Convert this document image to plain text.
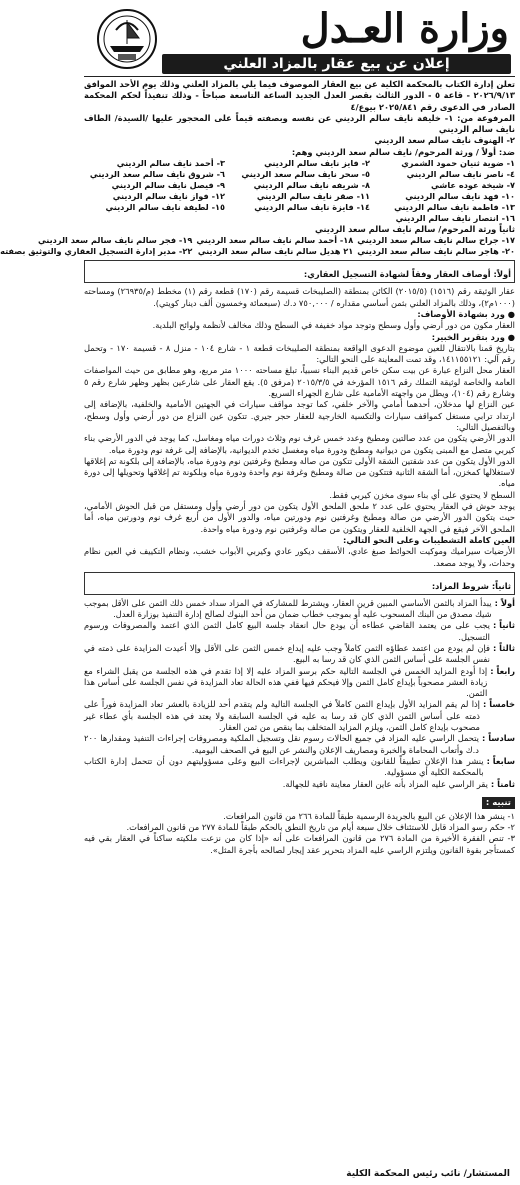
وزارة العـدل
إعلان عن بيع عقار بالمزاد العلني
تعلن إدارة الكتاب بالمحكمة الكلية عن بيع العقار الموصوف فيما يلي بالمزاد العلني وذلك يوم الأحد الموافق ٢٠٢٦/٩/١٣ - قاعة ٥ - الدور الثالث بقصر العدل الجديد الساعة التاسعة صباحاً - وذلك تنفيذاً لحكم المحكمة الصادر في الدعوى رقم ٢٠٢٥/٨٤١ بيوع/٤
المرفوعة من: ١- خليفة نايف سالم الرديني عن نفسه وبصفته قيماً على المحجور عليها /السيدة/ الطاف نايف سالم الرديني
٢- الهنوف نايف سالم سعد الرديني
ضد: أولاً / ورثة المرحوم/ نايف سالم سعد الرديني وهم:
١- ضوية ثنيان حمود الشمري
٢- فايز نايف سالم الرديني
٣- أحمد نايف سالم الرديني
٤- ناصر نايف سالم الرديني
٥- سحر نايف سالم سعد الرديني
٦- شروق نايف سالم سعد الرديني
٧- شيخة عوده عاشي
٨- شريفه نايف سالم الرديني
٩- فيصل نايف سالم الرديني
١٠- فهد نايف سالم الرديني
١١- صقر نايف سالم الرديني
١٢- فواز نايف سالم الرديني
١٣- فاطمة نايف سالم الرديني
١٤- فايزة نايف سالم الرديني
١٥- لطيفة نايف سالم الرديني
١٦- انتصار نايف سالم الرديني
ثانياً ورثة المرحوم/ سالم نايف سالم سعد الرديني
١٧- جراح سالم نايف سالم سعد الرديني
١٨- أحمد سالم نايف سالم سعد الرديني
١٩- فجر سالم نايف سالم سعد الرديني
٢٠- هاجر سالم نايف سالم سعد الرديني
٢١ هديل سالم نايف سالم سعد الرديني
٢٢- مدير إدارة التسجيل العقاري والتوثيق بصفته
أولاً: أوصاف العقار وفقاً لشهادة التسجيل العقاري:
عقار الوثيقة رقم (١٥١٦) (٢٠١٥/٥) الكائن بمنطقة (الصليبخات قسيمة رقم (١٧٠) قطعة رقم (١) مخطط (م/٢٦٩٣٥) ومساحته (١٠٠٠م٢)، وذلك بالمزاد العلني بثمن أساسي مقداره / ٧٥٠,٠٠٠ د.ك (سبعمائة وخمسون ألف دينار كويتي).
● ورد بشهادة الأوصاف:
العقار مكون من دور أرضي وأول وسطح وتوجد مواد خفيفة في السطح وذلك مخالف لأنظمة ولوائح البلدية.
● ورد بتقرير الخبير:
بتاريخ قمنا بالانتقال للعين موضوع الدعوى الواقعة بمنطقة الصليبخات قطعة ١ - شارع ١٠٤ - منزل ٨ - قسيمة ١٧٠ - وتحمل رقم آلي: ١٤١١٥٥١٢١، وقد تمت المعاينة على النحو التالي:
العقار محل النزاع عبارة عن بيت سكن خاص قديم البناء نسبياً، تبلغ مساحته ١٠٠٠ متر مربع، وهو مطابق من حيث المواصفات العامة والخاصة لوثيقة التملك رقم ١٥١٦ المؤرخة في ٢٠١٥/٣/٥ (مرفق ٥). يقع العقار على شارعين بظهر وظهر شارع رقم ٥ وشارع رقم (١٠٤)، ويطل من واجهته الأمامية على شارع الجهراء السريع.
عين النزاع لها مدخلان، أحدهما أمامي والآخر خلفي، كما توجد مواقف سيارات في الجهتين الأمامية والخلفية، بالإضافة إلى ارتداد ترابي مستغل كمواقف سيارات والتكسية الخارجية للعقار حجر جيري. تتكون عين النزاع من دور أرضي وأول وسطح، وبالتفصيل التالي:
الدور الأرضي يتكون من عدد صالتين ومطبخ وعدد خمس غرف نوم وثلاث دورات مياه ومغاسل، كما يوجد في الدور الأرضي بناء كيربي متصل مع المبنى يتكون من ديوانية ومطبخ ودورة مياه ومغسل تخدم الديوانية، بالإضافة إلى غرفة نوم ودورة مياه.
الدور الأول يتكون من عدد شقتين الشقة الأولى تتكون من صالة ومطبخ وغرفتين نوم ودورة مياه، بالإضافة إلى بلكونة تم إغلاقها لاستغلالها كمخزن، أما الشقة الثانية فتتكون من صالة ومطبخ وغرفة نوم واحدة ودورة مياه وبلكونة تم إغلاقها وتحويلها إلى دورة مياه.
السطح لا يحتوي على أي بناء سوى مخزن كيربي فقط.
يوجد حوش في العقار يحتوي على عدد ٢ ملحق الملحق الأول يتكون من دور أرضي وأول ومستقل من قبل الحوش الأمامي، حيث يتكون الدور الأرضي من صالة ومطبخ وغرفتين نوم ودورتين مياه، والدور الأول من أربع غرف نوم ودورتين مياه، أما الملحق الآخر فيقع في الجهة الخلفية للعقار ويتكون من صالة وغرفتين نوم ودورة مياه واحدة.
العين كاملة التشطيبات وعلى النحو التالي:
الأرضيات سيراميك وموكيت الحوائط صبغ عادي، الأسقف ديكور عادي وكيربي الأبواب خشب، ونظام التكييف في العين نظام وحدات، ولا يوجد مصعد.
ثانياً: شروط المزاد:
أولاً :
يبدأ المزاد بالثمن الأساسي المبين قرين العقار، ويشترط للمشاركة في المزاد سداد خمس ذلك الثمن على الأقل بموجب شيك مصدق من البنك المسحوب عليه أو بموجب خطاب ضمان من أحد البنوك لصالح إدارة التنفيذ بوزارة العدل.
ثانياً :
يجب على من يعتمد القاضي عطاءه أن يودع حال انعقاد جلسة البيع كامل الثمن الذي اعتمد والمصروفات ورسوم التسجيل.
ثالثاً :
فإن لم يودع من اعتمد عطاؤه الثمن كاملاً وجب عليه إيداع خمس الثمن على الأقل وإلا أعيدت المزايدة على ذمته في نفس الجلسة على أساس الثمن الذي كان قد رسا به البيع.
رابعاً :
إذا أودع المزايد الخمس في الجلسة التالية حكم برسو المزاد عليه إلا إذا تقدم في هذه الجلسة من يقبل الشراء مع زيادة العشر مصحوباً بإيداع كامل الثمن وإلا فيحكم فيها ففي هذه الحالة تعاد المزايدة في نفس الجلسة على أساس هذا الثمن.
خامساً :
إذا لم يقم المزايد الأول بإيداع الثمن كاملاً في الجلسة التالية ولم يتقدم أحد للزيادة بالعشر تعاد المزايدة فوراً على ذمته على أساس الثمن الذي كان قد رسا به عليه في الجلسة السابقة ولا يعتد في هذه الجلسة بأي عطاء غير مصحوب بإيداع كامل الثمن، ويلزم المزايد المتخلف بما ينقص من ثمن العقار.
سادساً :
يتحمل الراسي عليه المزاد في جميع الحالات رسوم نقل وتسجيل الملكية ومصروفات إجراءات التنفيذ ومقدارها ٢٠٠ د.ك وأتعاب المحاماة والخبرة ومصاريف الإعلان والنشر عن البيع في الصحف اليومية.
سابعاً :
ينشر هذا الإعلان تطبيقاً للقانون ويطلب المباشرين لإجراءات البيع وعلى مسؤوليتهم دون أن تتحمل إدارة الكتاب بالمحكمة الكلية أي مسؤولية.
ثامناً :
يقر الراسي عليه المزاد بأنه عاين العقار معاينة نافية للجهالة.
تنبيه :
١- ينشر هذا الإعلان عن البيع بالجريدة الرسمية طبقاً للمادة ٢٦٦ من قانون المرافعات.
٢- حكم رسو المزاد قابل للاستئناف خلال سبعة أيام من تاريخ النطق بالحكم طبقاً للمادة ٢٧٧ من قانون المرافعات.
٣- تنص الفقرة الأخيرة من المادة ٢٧٦ من قانون المرافعات على أنه «إذا كان من نزعت ملكيته ساكناً في العقار بقي فيه كمستأجر بقوة القانون ويلتزم الراسي عليه المزاد بتحرير عقد إيجار لصالحه بأجرة المثل».
المستشار/ نائب رئيس المحكمة الكلية
